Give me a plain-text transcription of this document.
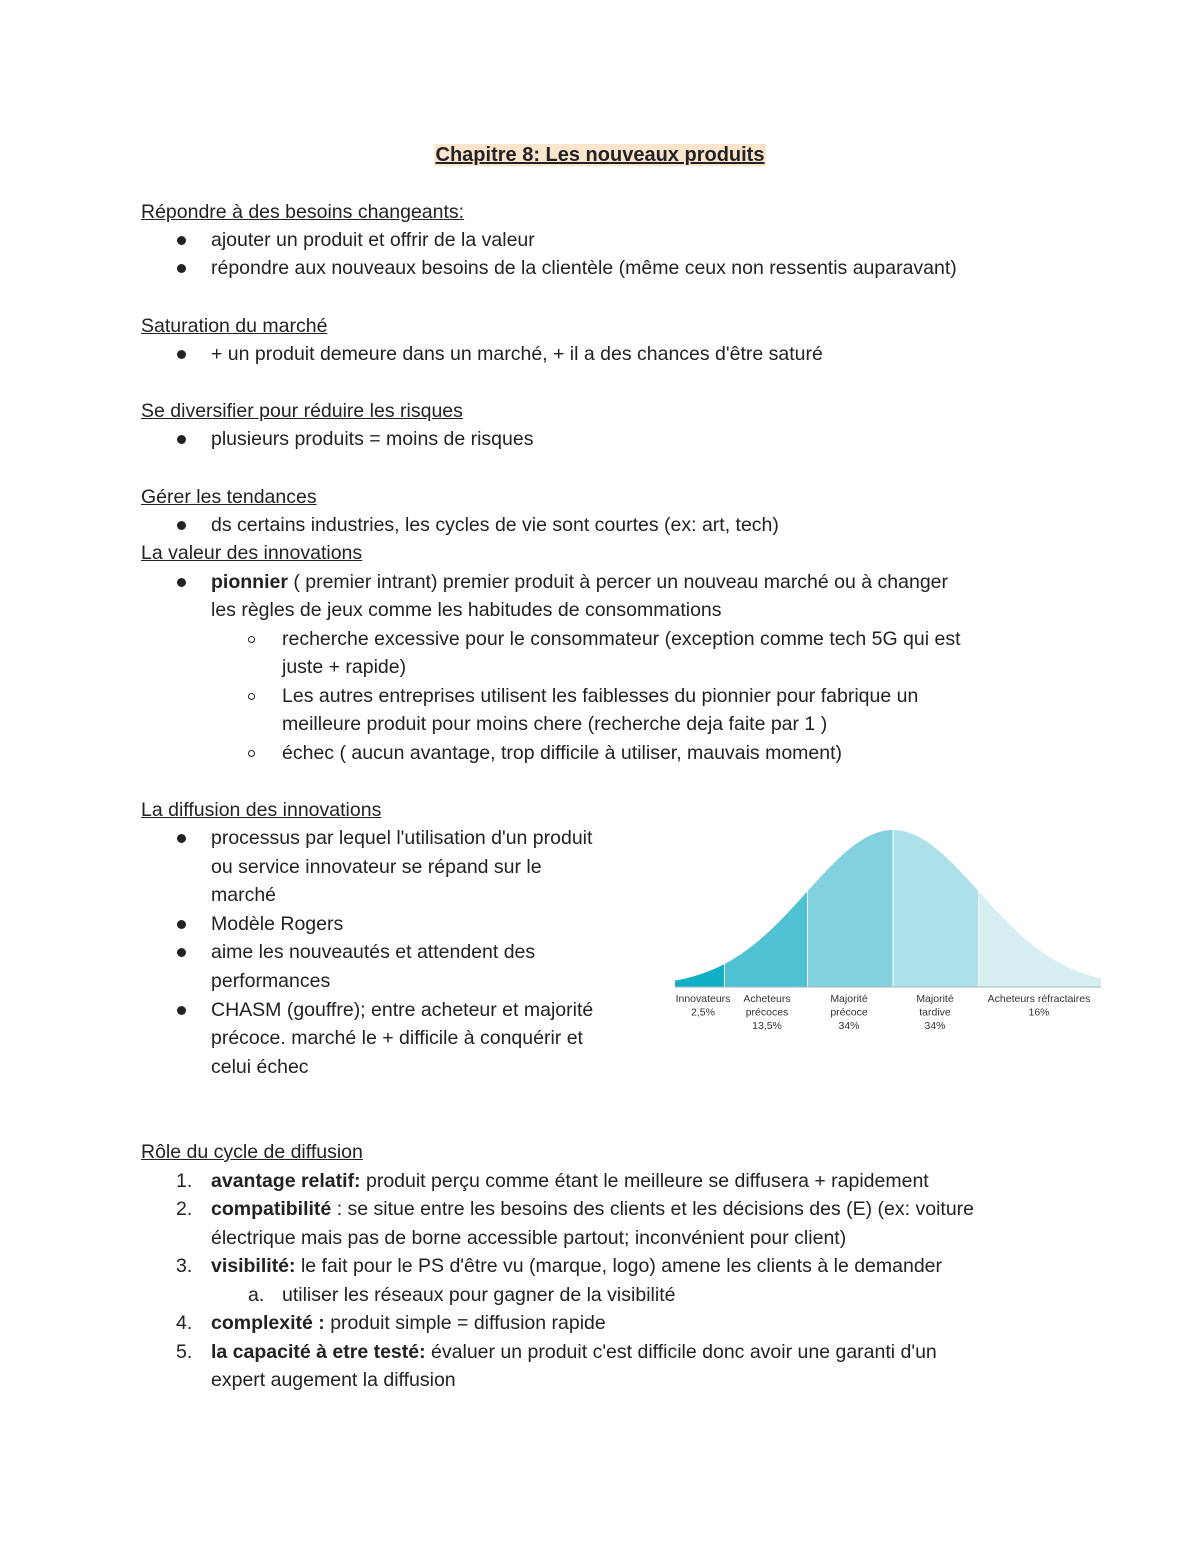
Chapitre 8: Les nouveaux produits
Répondre à des besoins changeants:
ajouter un produit et offrir de la valeur
répondre aux nouveaux besoins de la clientèle (même ceux non ressentis auparavant)
Saturation du marché
+ un produit demeure dans un marché, + il a des chances d'être saturé
Se diversifier pour réduire les risques
plusieurs produits = moins de risques
Gérer les tendances
ds certains industries, les cycles de vie sont courtes (ex: art, tech)
La valeur des innovations
pionnier ( premier intrant) premier produit à percer un nouveau marché ou à changer
les règles de jeux comme les habitudes de consommations
recherche excessive pour le consommateur (exception comme tech 5G qui est
juste + rapide)
Les autres entreprises utilisent les faiblesses du pionnier pour fabrique un
meilleure produit pour moins chere (recherche deja faite par 1 )
échec ( aucun avantage, trop difficile à utiliser, mauvais moment)
La diffusion des innovations
processus par lequel l'utilisation d'un produit
ou service innovateur se répand sur le
marché
Modèle Rogers
aime les nouveautés et attendent des
performances
CHASM (gouffre); entre acheteur et majorité
précoce. marché le + difficile à conquérir et
celui échec
Innovateurs
2,5%
Acheteurs
précoces
13,5%
Majorité
précoce
34%
Majorité
tardive
34%
Acheteurs réfractaires
16%
Rôle du cycle de diffusion
1. avantage relatif: produit perçu comme étant le meilleure se diffusera + rapidement
2. compatibilité : se situe entre les besoins des clients et les décisions des (E) (ex: voiture
électrique mais pas de borne accessible partout; inconvénient pour client)
3. visibilité: le fait pour le PS d'être vu (marque, logo) amene les clients à le demander
a. utiliser les réseaux pour gagner de la visibilité
4. complexité : produit simple = diffusion rapide
5. la capacité à etre testé: évaluer un produit c'est difficile donc avoir une garanti d'un
expert augement la diffusion
